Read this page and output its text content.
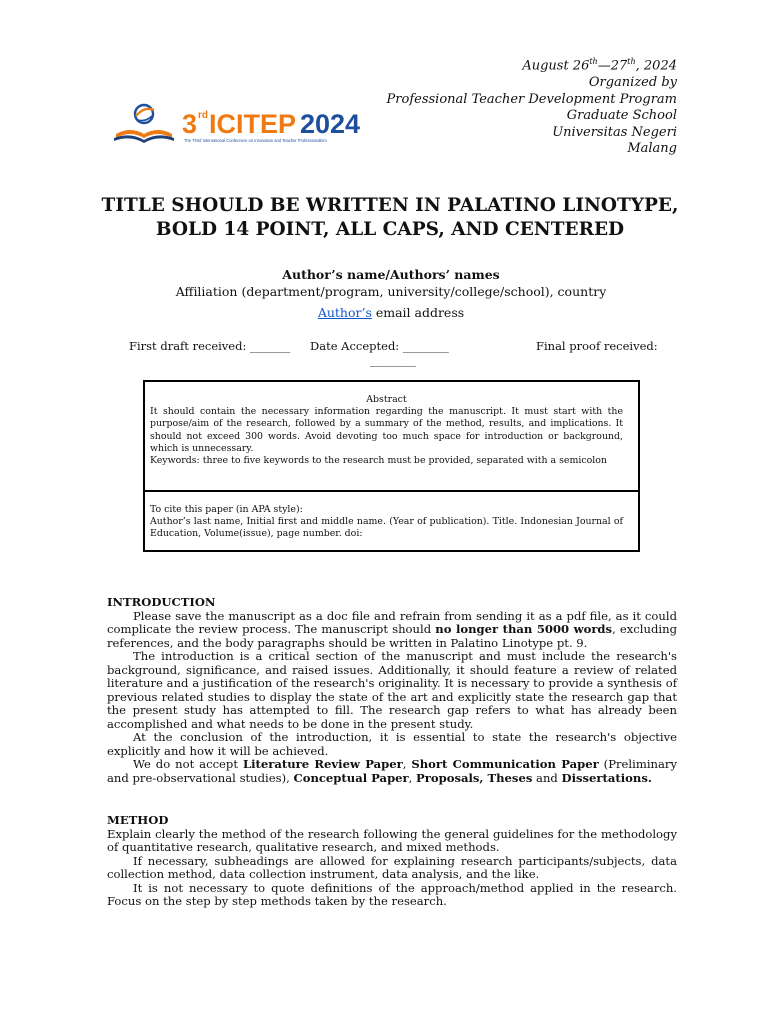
August 26th—27th, 2024
Organized by
Professional Teacher Development Program
Graduate School
Universitas Negeri
Malang
3 rd ICITEP 2024
The Third International Conference on Innovation and Teacher Professionalism
TITLE SHOULD BE WRITTEN IN PALATINO LINOTYPE,
BOLD 14 POINT, ALL CAPS, AND CENTERED
Author’s name/Authors’ names
Affiliation (department/program, university/college/school), country
Author’s email address
First draft received: _______ Date Accepted: ________	Final proof received:
________
Abstract
It should contain the necessary information regarding the manuscript. It must start with the purpose/aim of the research, followed by a summary of the method, results, and implications. It should not exceed 300 words. Avoid devoting too much space for introduction or background, which is unnecessary.
Keywords: three to five keywords to the research must be provided, separated with a semicolon
To cite this paper (in APA style):
Author’s last name, Initial first and middle name. (Year of publication). Title. Indonesian Journal of Education, Volume(issue), page number. doi:

INTRODUCTION

Please save the manuscript as a doc file and refrain from sending it as a pdf file, as it could complicate the review process. The manuscript should no longer than 5000 words, excluding references, and the body paragraphs should be written in Palatino Linotype pt. 9.

The introduction is a critical section of the manuscript and must include the research's background, significance, and raised issues. Additionally, it should feature a review of related literature and a justification of the research's originality. It is necessary to provide a synthesis of previous related studies to display the state of the art and explicitly state the research gap that the present study has attempted to fill. The research gap refers to what has already been accomplished and what needs to be done in the present study.

At the conclusion of the introduction, it is essential to state the research's objective explicitly and how it will be achieved.

We do not accept Literature Review Paper, Short Communication Paper (Preliminary and pre-observational studies), Conceptual Paper, Proposals, Theses and Dissertations.

METHOD

Explain clearly the method of the research following the general guidelines for the methodology of quantitative research, qualitative research, and mixed methods.

If necessary, subheadings are allowed for explaining research participants/subjects, data collection method, data collection instrument, data analysis, and the like.

It is not necessary to quote definitions of the approach/method applied in the research. Focus on the step by step methods taken by the research.
